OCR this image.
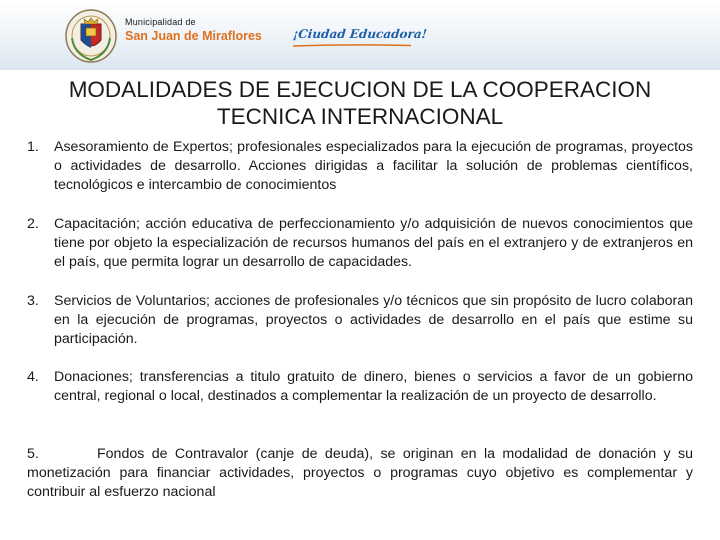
Municipalidad de
San Juan de Miraflores	¡Ciudad Educadora!
MODALIDADES DE EJECUCION DE LA COOPERACION
TECNICA INTERNACIONAL
1. Asesoramiento de Expertos; profesionales especializados para la ejecución de programas, proyectos o actividades de desarrollo. Acciones dirigidas a facilitar la solución de problemas científicos, tecnológicos e intercambio de conocimientos
2. Capacitación; acción educativa de perfeccionamiento y/o adquisición de nuevos conocimientos que tiene por objeto la especialización de recursos humanos del país en el extranjero y de extranjeros en el país, que permita lograr un desarrollo de capacidades.
3. Servicios de Voluntarios; acciones de profesionales y/o técnicos que sin propósito de lucro colaboran en la ejecución de programas, proyectos o actividades de desarrollo en el país que estime su participación.
4. Donaciones; transferencias a titulo gratuito de dinero, bienes o servicios a favor de un gobierno central, regional o local, destinados a complementar la realización de un proyecto de desarrollo.
5.	Fondos de Contravalor (canje de deuda), se originan en la modalidad de donación y su monetización para financiar actividades, proyectos o programas cuyo objetivo es complementar y contribuir al esfuerzo nacional
